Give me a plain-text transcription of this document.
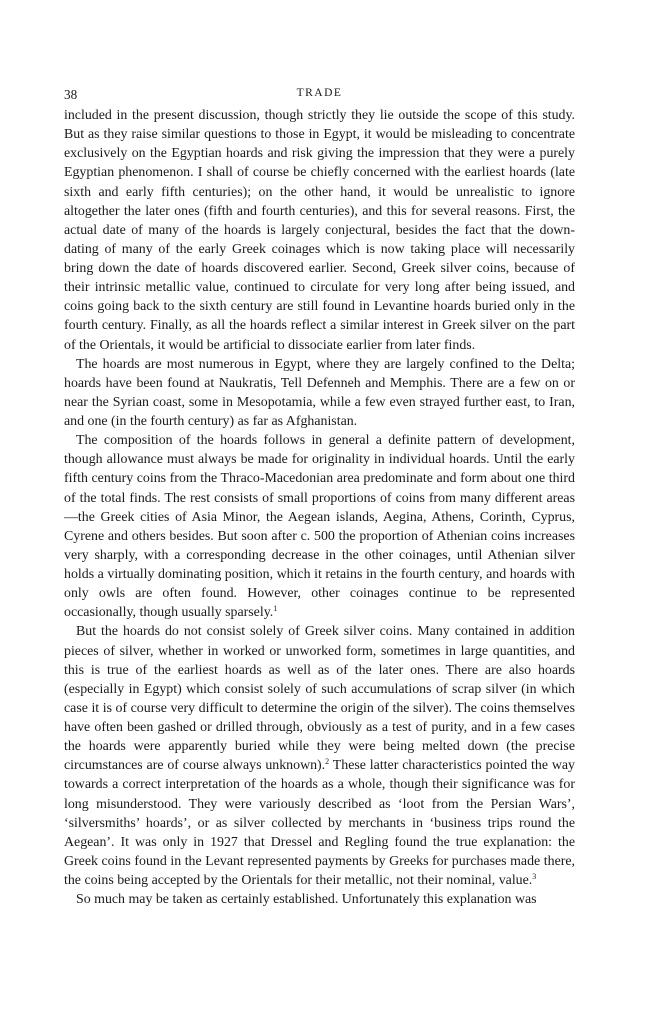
38	TRADE

included in the present discussion, though strictly they lie outside the scope of this study. But as they raise similar questions to those in Egypt, it would be misleading to concentrate exclusively on the Egyptian hoards and risk giving the impression that they were a purely Egyptian phenomenon. I shall of course be chiefly concerned with the earliest hoards (late sixth and early fifth centuries); on the other hand, it would be unrealistic to ignore altogether the later ones (fifth and fourth centuries), and this for several reasons. First, the actual date of many of the hoards is largely conjectural, besides the fact that the down-dating of many of the early Greek coinages which is now taking place will necessarily bring down the date of hoards discovered earlier. Second, Greek silver coins, because of their intrinsic metallic value, continued to circulate for very long after being issued, and coins going back to the sixth century are still found in Levantine hoards buried only in the fourth century. Finally, as all the hoards reflect a similar interest in Greek silver on the part of the Orientals, it would be artificial to dissociate earlier from later finds.

The hoards are most numerous in Egypt, where they are largely confined to the Delta; hoards have been found at Naukratis, Tell Defenneh and Memphis. There are a few on or near the Syrian coast, some in Mesopotamia, while a few even strayed further east, to Iran, and one (in the fourth century) as far as Afghanistan.

The composition of the hoards follows in general a definite pattern of development, though allowance must always be made for originality in individual hoards. Until the early fifth century coins from the Thraco-Macedonian area predominate and form about one third of the total finds. The rest consists of small proportions of coins from many different areas—the Greek cities of Asia Minor, the Aegean islands, Aegina, Athens, Corinth, Cyprus, Cyrene and others besides. But soon after c. 500 the proportion of Athenian coins increases very sharply, with a corresponding decrease in the other coinages, until Athenian silver holds a virtually dominating position, which it retains in the fourth century, and hoards with only owls are often found. However, other coinages continue to be represented occasionally, though usually sparsely.$^1$

But the hoards do not consist solely of Greek silver coins. Many contained in addition pieces of silver, whether in worked or unworked form, sometimes in large quantities, and this is true of the earliest hoards as well as of the later ones. There are also hoards (especially in Egypt) which consist solely of such accumulations of scrap silver (in which case it is of course very difficult to determine the origin of the silver). The coins themselves have often been gashed or drilled through, obviously as a test of purity, and in a few cases the hoards were apparently buried while they were being melted down (the precise circumstances are of course always unknown).$^2$ These latter characteristics pointed the way towards a correct interpretation of the hoards as a whole, though their significance was for long misunderstood. They were variously described as ‘loot from the Persian Wars’, ‘silversmiths’ hoards’, or as silver collected by merchants in ‘business trips round the Aegean’. It was only in 1927 that Dressel and Regling found the true explanation: the Greek coins found in the Levant represented payments by Greeks for purchases made there, the coins being accepted by the Orientals for their metallic, not their nominal, value.$^3$

So much may be taken as certainly established. Unfortunately this explanation was
